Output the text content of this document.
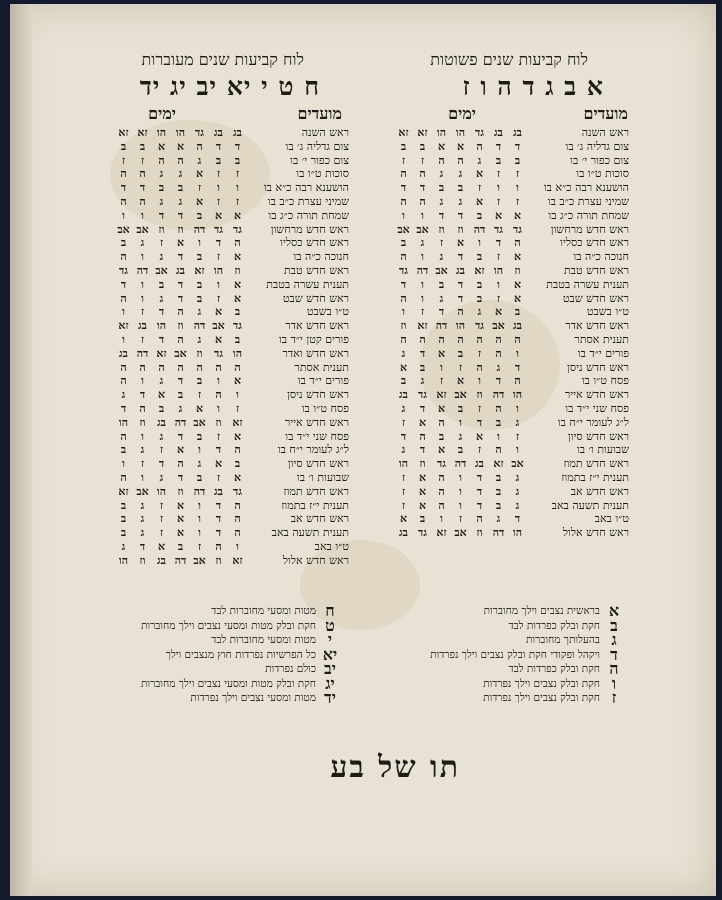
לוח קביעות שנים פשוטות
לוח קביעות שנים מעוברות
א ב ג ד ה ו ז
ח ט י יא יב יג יד
מועדים
ימים
מועדים
ימים
ראש השנה
בג
בג
גד
הו
הו
זא
זא
צום גדליה ג׳ בו
ד
ד
ה
א
א
ב
ב
צום כפור י׳ בו
ב
ב
ג
ה
ה
ז
ז
סוכות ט״ו בו
ז
ז
א
ג
ג
ה
ה
הושענא רבה כ״א בו
ו
ו
ז
ב
ב
ד
ד
שמיני עצרת כ״ב בו
ז
ז
א
ג
ג
ה
ה
שמחת תורה כ״ג בו
א
א
ב
ד
ד
ו
ו
ראש חדש מרחשון
גד
גד
דה
וז
וז
אב
אב
ראש חדש כסליו
ה
ד
ו
א
ז
ג
ב
חנוכה כ״ה בו
א
ז
ב
ד
ג
ו
ה
ראש חדש טבת
וז
הו
זא
בג
אב
דה
גד
תענית עשרה בטבת
א
ו
ב
ד
ב
ו
ד
ראש חדש שבט
א
ז
ב
ד
ג
ו
ה
ט״ו בשבט
ב
א
ג
ה
ד
ז
ו
ראש חדש אדר
בג
אב
גד
הו
דה
זא
וז
תענית אסתר
ה
ה
ה
ה
ה
ה
ה
פורים י״ד בו
ו
ה
ז
ב
א
ד
ג
ראש חדש ניסן
ד
ג
ה
ז
ו
ב
א
פסח ט״ו בו
ה
ד
ו
א
ז
ג
ב
ראש חדש אייר
הו
דה
וז
אב
זא
גד
בג
פסח שני י״ד בו
ו
ה
ז
ב
א
ד
ג
ל״ג לעומר י״ח בו
ג
ב
ד
ו
ה
א
ז
ראש חדש סיון
ז
ו
א
ג
ב
ה
ד
שבועות ו׳ בו
ו
ה
ז
ב
א
ד
ג
ראש חדש תמוז
אב
זא
בג
דה
גד
וז
הו
תענית י״ז בתמוז
ג
ב
ד
ו
ה
א
ז
ראש חדש אב
ג
ב
ד
ו
ה
א
ז
תענית תשעה באב
ג
ב
ד
ו
ה
א
ז
ט״ו באב
ד
ג
ה
ז
ו
ב
א
ראש חדש אלול
הו
דה
וז
אב
זא
גד
בג
ראש השנה
בג
בג
גד
הו
הו
זא
זא
צום גדליה ג׳ בו
ד
ד
ה
א
א
ב
ב
צום כפור י׳ בו
ב
ב
ג
ה
ה
ז
ז
סוכות ט״ו בו
ז
ז
א
ג
ג
ה
ה
הושענא רבה כ״א בו
ו
ו
ז
ב
ב
ד
ד
שמיני עצרת כ״ב בו
ז
ז
א
ג
ג
ה
ה
שמחת תורה כ״ג בו
א
א
ב
ד
ד
ו
ו
ראש חדש מרחשון
גד
גד
דה
וז
וז
אב
אב
ראש חדש כסליו
ה
ד
ו
א
ז
ג
ב
חנוכה כ״ה בו
א
ז
ב
ד
ג
ו
ה
ראש חדש טבת
וז
הו
זא
בג
אב
דה
גד
תענית עשרה בטבת
א
ו
ב
ד
ב
ו
ד
ראש חדש שבט
א
ז
ב
ד
ג
ו
ה
ט״ו בשבט
ב
א
ג
ה
ד
ז
ו
ראש חדש אדר
גד
אב
דה
וז
הו
בג
זא
פורים קטן י״ד בו
ב
א
ג
ה
ד
ז
ו
ראש חדש ואדר
הו
גד
וז
אב
זא
דה
בג
תענית אסתר
ה
ה
ה
ה
ה
ה
ה
פורים י״ד בו
א
ו
ב
ד
ג
ו
ה
ראש חדש ניסן
ו
ה
ז
ב
א
ד
ג
פסח ט״ו בו
ז
ו
א
ג
ב
ה
ד
ראש חדש אייר
זא
וז
אב
דה
בג
וז
הו
פסח שני י״ד בו
א
ז
ב
ד
ג
ו
ה
ל״ג לעומר י״ח בו
ה
ד
ו
א
ז
ג
ב
ראש חדש סיון
ב
א
ג
ה
ד
ז
ו
שבועות ו׳ בו
א
ז
ב
ד
ג
ו
ה
ראש חדש תמוז
גד
בג
דה
וז
הו
אב
זא
תענית י״ז בתמוז
ה
ד
ו
א
ז
ג
ב
ראש חדש אב
ה
ד
ו
א
ז
ג
ב
תענית תשעה באב
ה
ד
ו
א
ז
ג
ב
ט״ו באב
ו
ה
ז
ב
א
ד
ג
ראש חדש אלול
זא
וז
אב
דה
בג
וז
הו
א
בראשית נצבים וילך מחוברות
ב
חקת ובלק כפרדות לבד
ג
בהעלותך מחוברות
ד
ויקהל ופקודי חקת ובלק נצבים וילך נפרדות
ה
חקת ובלק כפרדות לבד
ו
חקת ובלק נצבים וילך נפרדות
ז
חקת ובלק נצבים וילך נפרדות
ח
מטות ומסעי מחוברות לבד
ט
חקת ובלק מטות ומסעי נצבים וילך מחוברות
י
מטות ומסעי מחוברות לבד
יא
כל הפרשיות נפרדות חוץ מנצבים וילך
יב
כולם נפרדות
יג
חקת ובלק מטות ומסעי נצבים וילך מחוברות
יד
מטות ומסעי נצבים וילך נפרדות
תו של בע
